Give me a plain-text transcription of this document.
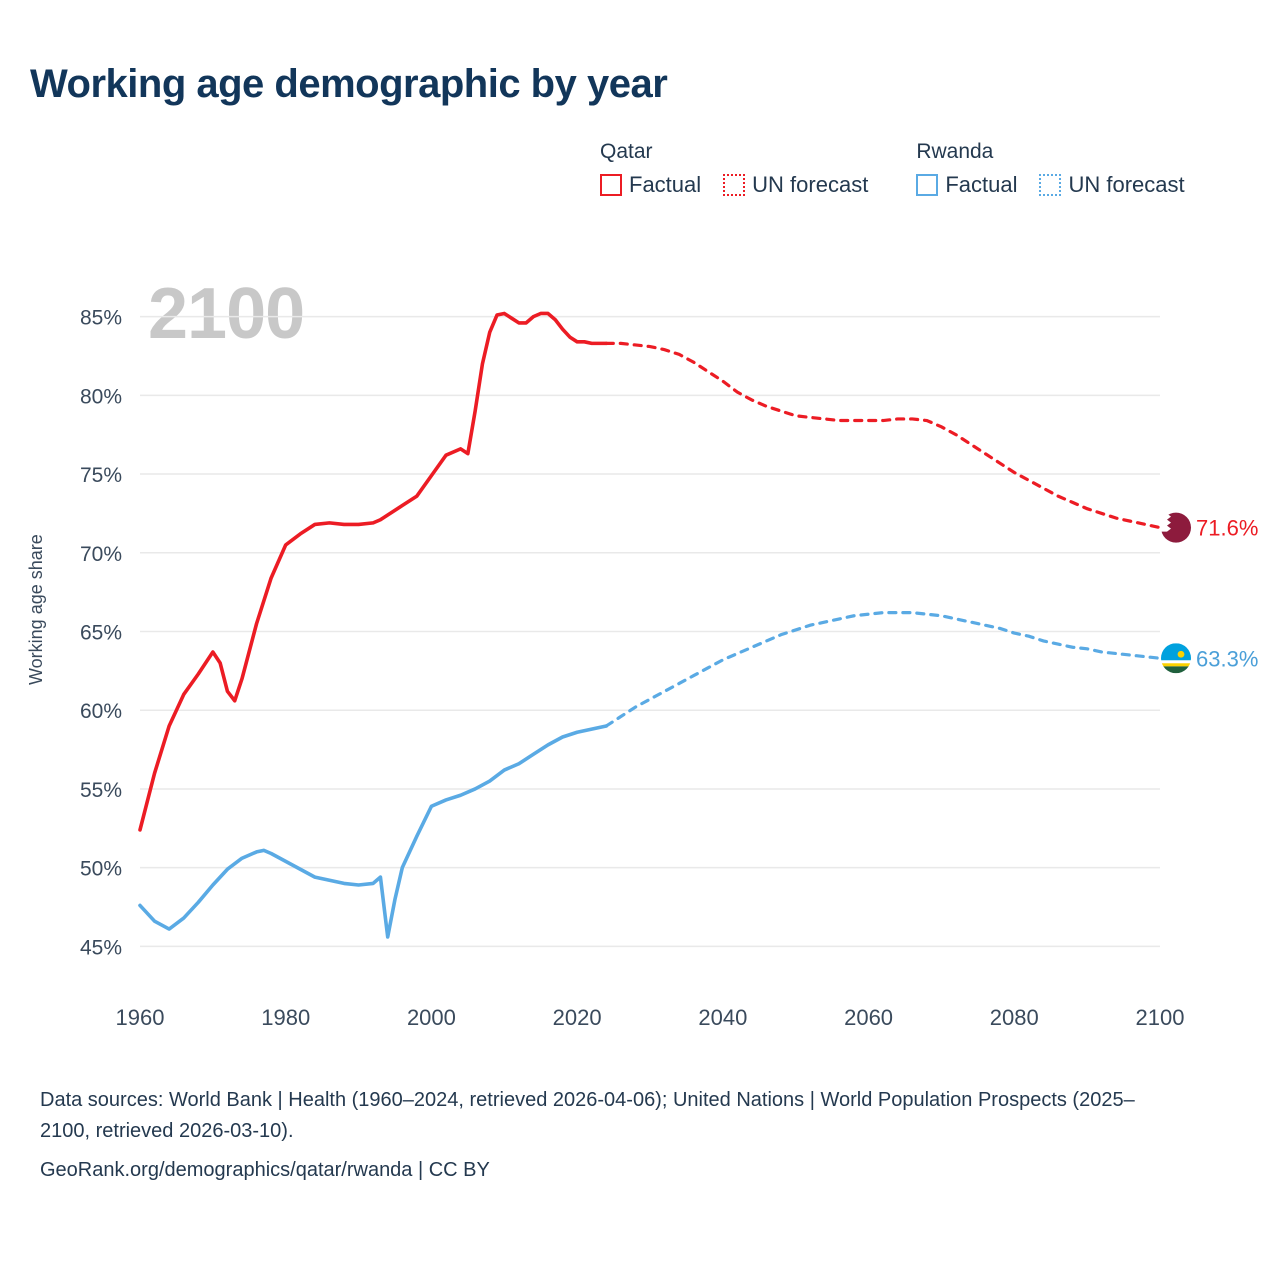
Working age demographic by year
Qatar
Factual UN forecast
Rwanda
Factual UN forecast
Working age share
2100
45%
50%
55%
60%
65%
70%
75%
80%
85%
1960	1980	2000	2020	2040	2060	2080	2100
71.6%
63.3%

Data sources: World Bank | Health (1960–2024, retrieved 2026-04-06); United Nations | World Population Prospects (2025–2100, retrieved 2026-03-10).

GeoRank.org/demographics/qatar/rwanda | CC BY
